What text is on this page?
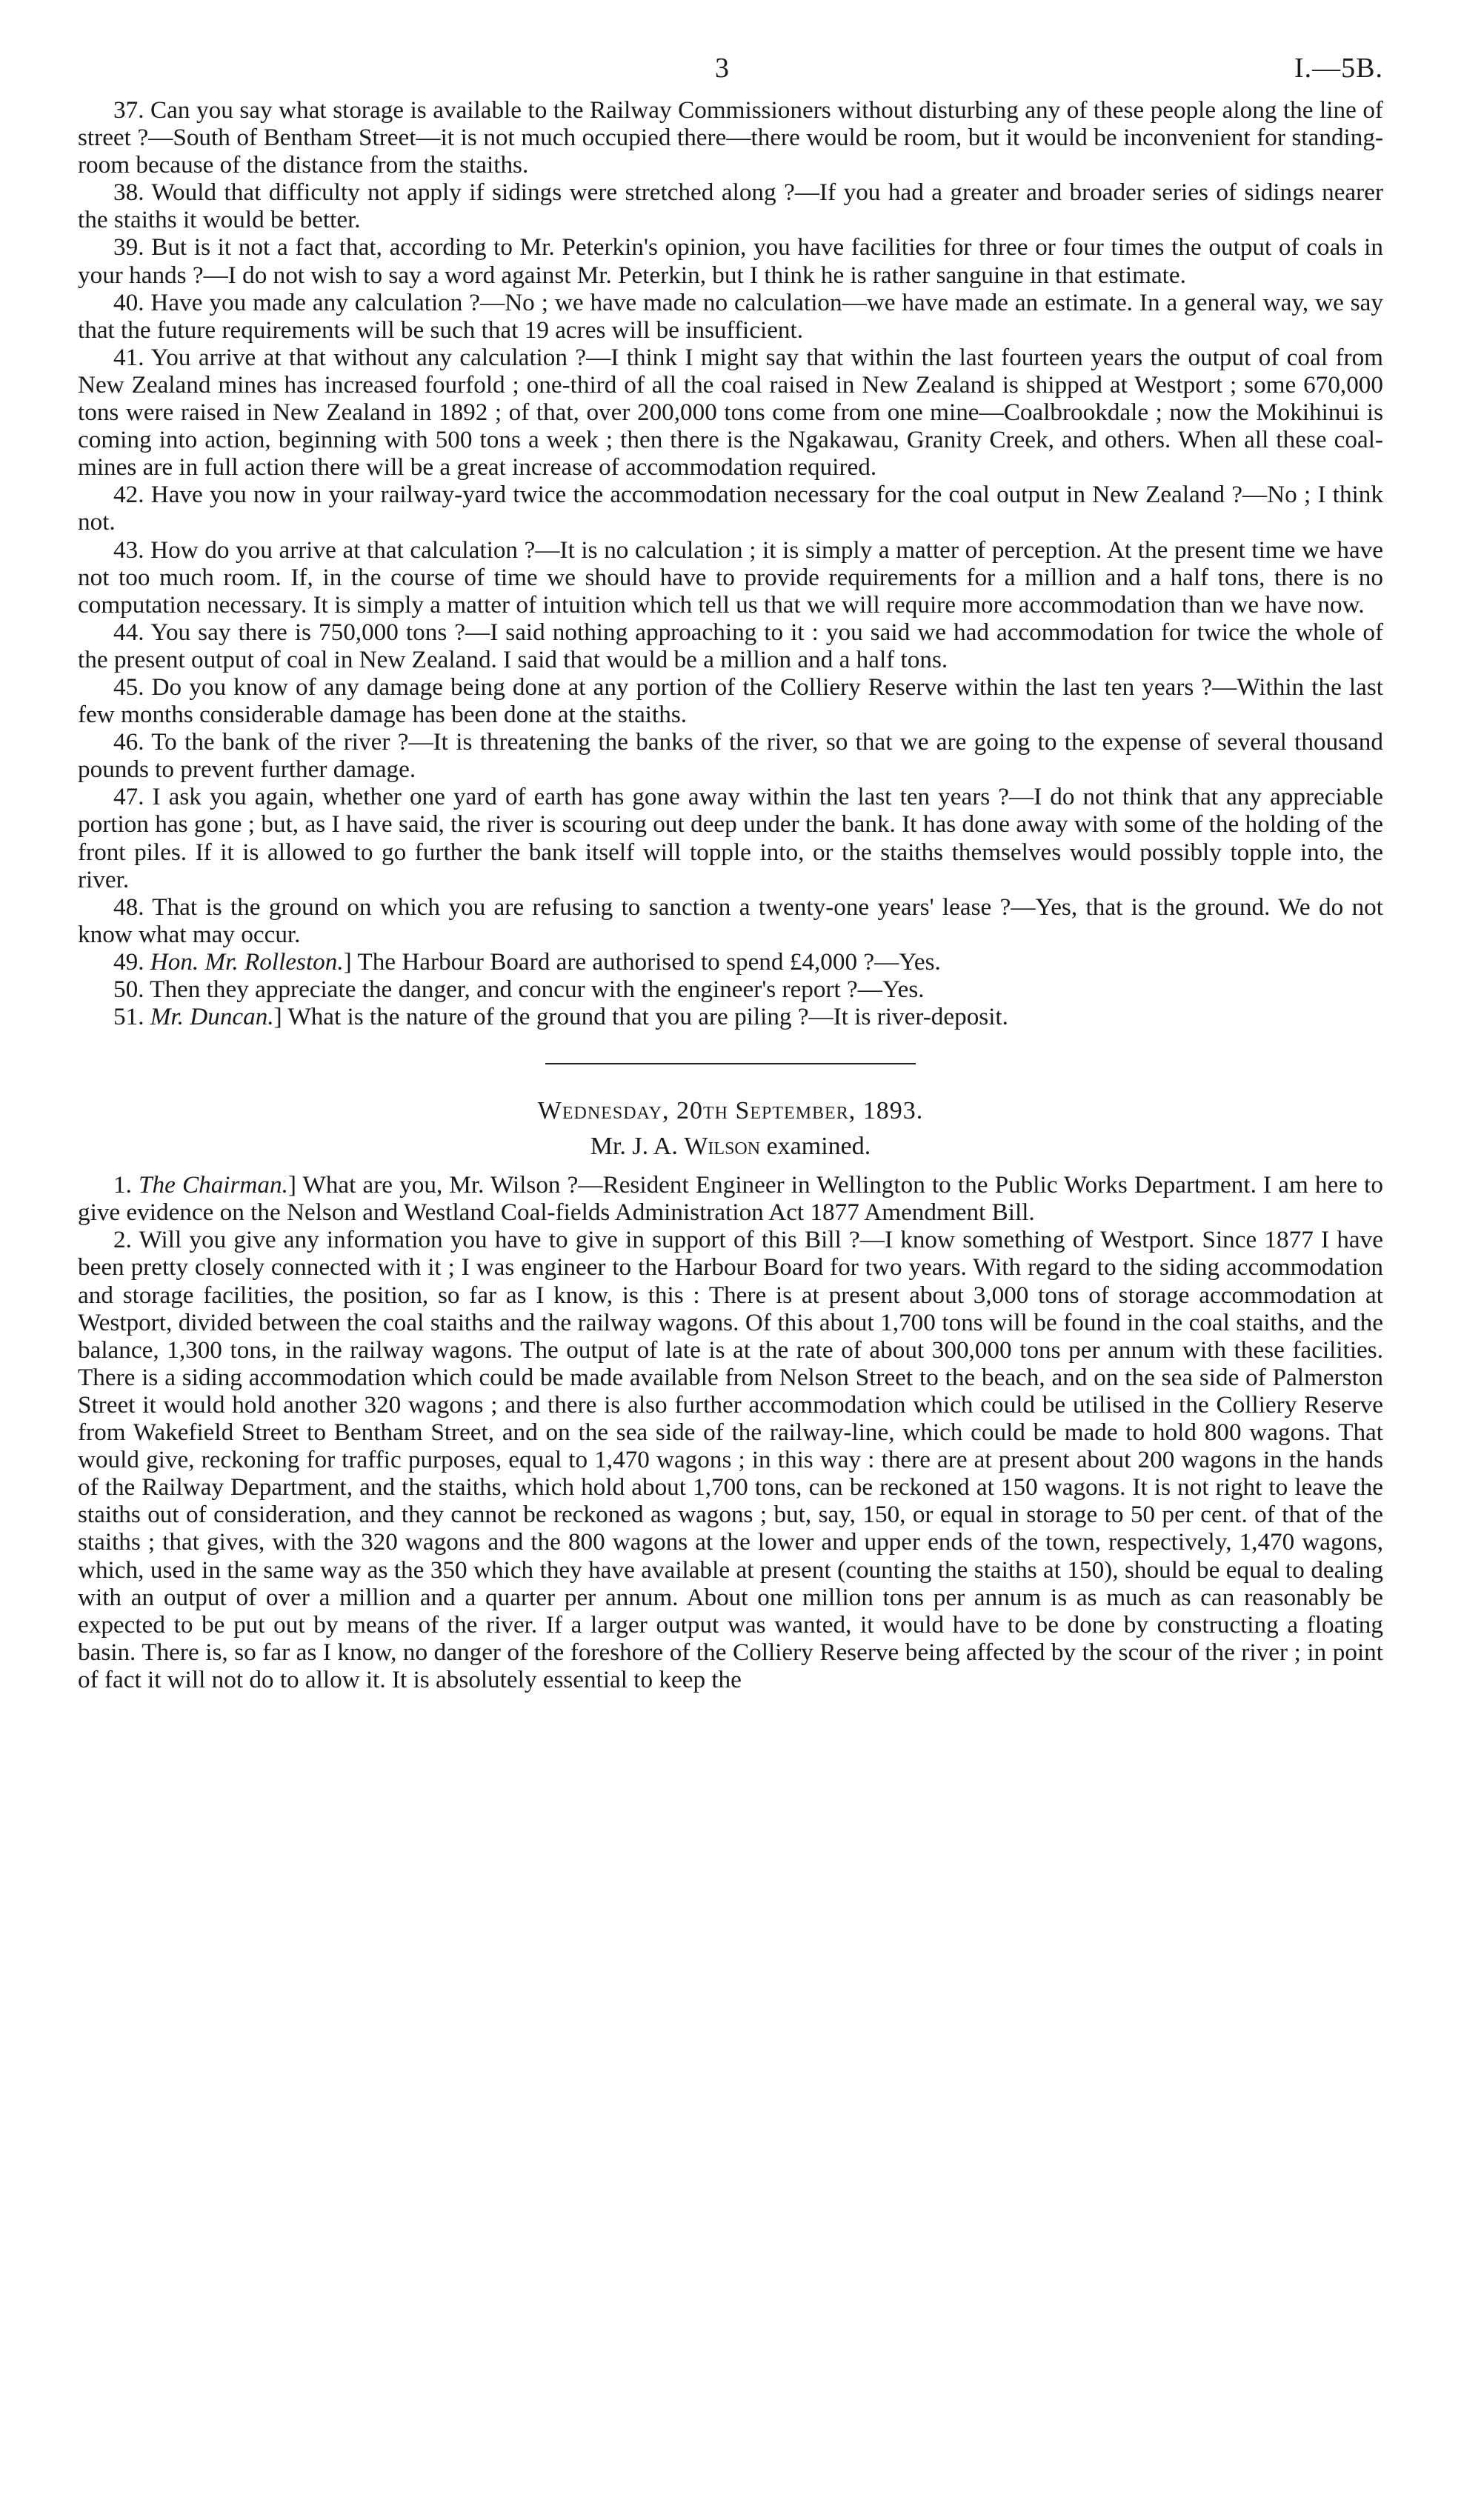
3	I.—5B.

37. Can you say what storage is available to the Railway Commissioners without disturbing any of these people along the line of street ?—South of Bentham Street—it is not much occupied there—there would be room, but it would be inconvenient for standing-room because of the distance from the staiths.

38. Would that difficulty not apply if sidings were stretched along ?—If you had a greater and broader series of sidings nearer the staiths it would be better.

39. But is it not a fact that, according to Mr. Peterkin's opinion, you have facilities for three or four times the output of coals in your hands ?—I do not wish to say a word against Mr. Peterkin, but I think he is rather sanguine in that estimate.

40. Have you made any calculation ?—No ; we have made no calculation—we have made an estimate. In a general way, we say that the future requirements will be such that 19 acres will be insufficient.

41. You arrive at that without any calculation ?—I think I might say that within the last fourteen years the output of coal from New Zealand mines has increased fourfold ; one-third of all the coal raised in New Zealand is shipped at Westport ; some 670,000 tons were raised in New Zealand in 1892 ; of that, over 200,000 tons come from one mine—Coalbrookdale ; now the Mokihinui is coming into action, beginning with 500 tons a week ; then there is the Ngakawau, Granity Creek, and others. When all these coal-mines are in full action there will be a great increase of accommodation required.

42. Have you now in your railway-yard twice the accommodation necessary for the coal output in New Zealand ?—No ; I think not.

43. How do you arrive at that calculation ?—It is no calculation ; it is simply a matter of perception. At the present time we have not too much room. If, in the course of time we should have to provide requirements for a million and a half tons, there is no computation necessary. It is simply a matter of intuition which tell us that we will require more accommodation than we have now.

44. You say there is 750,000 tons ?—I said nothing approaching to it : you said we had accommodation for twice the whole of the present output of coal in New Zealand. I said that would be a million and a half tons.

45. Do you know of any damage being done at any portion of the Colliery Reserve within the last ten years ?—Within the last few months considerable damage has been done at the staiths.

46. To the bank of the river ?—It is threatening the banks of the river, so that we are going to the expense of several thousand pounds to prevent further damage.

47. I ask you again, whether one yard of earth has gone away within the last ten years ?—I do not think that any appreciable portion has gone ; but, as I have said, the river is scouring out deep under the bank. It has done away with some of the holding of the front piles. If it is allowed to go further the bank itself will topple into, or the staiths themselves would possibly topple into, the river.

48. That is the ground on which you are refusing to sanction a twenty-one years' lease ?—Yes, that is the ground. We do not know what may occur.

49. Hon. Mr. Rolleston.] The Harbour Board are authorised to spend £4,000 ?—Yes.

50. Then they appreciate the danger, and concur with the engineer's report ?—Yes.

51. Mr. Duncan.] What is the nature of the ground that you are piling ?—It is river-deposit.

Wednesday, 20th September, 1893.

Mr. J. A. Wilson examined.

1. The Chairman.] What are you, Mr. Wilson ?—Resident Engineer in Wellington to the Public Works Department. I am here to give evidence on the Nelson and Westland Coal-fields Administration Act 1877 Amendment Bill.

2. Will you give any information you have to give in support of this Bill ?—I know something of Westport. Since 1877 I have been pretty closely connected with it ; I was engineer to the Harbour Board for two years. With regard to the siding accommodation and storage facilities, the position, so far as I know, is this : There is at present about 3,000 tons of storage accommodation at Westport, divided between the coal staiths and the railway wagons. Of this about 1,700 tons will be found in the coal staiths, and the balance, 1,300 tons, in the railway wagons. The output of late is at the rate of about 300,000 tons per annum with these facilities. There is a siding accommodation which could be made available from Nelson Street to the beach, and on the sea side of Palmerston Street it would hold another 320 wagons ; and there is also further accommodation which could be utilised in the Colliery Reserve from Wakefield Street to Bentham Street, and on the sea side of the railway-line, which could be made to hold 800 wagons. That would give, reckoning for traffic purposes, equal to 1,470 wagons ; in this way : there are at present about 200 wagons in the hands of the Railway Department, and the staiths, which hold about 1,700 tons, can be reckoned at 150 wagons. It is not right to leave the staiths out of consideration, and they cannot be reckoned as wagons ; but, say, 150, or equal in storage to 50 per cent. of that of the staiths ; that gives, with the 320 wagons and the 800 wagons at the lower and upper ends of the town, respectively, 1,470 wagons, which, used in the same way as the 350 which they have available at present (counting the staiths at 150), should be equal to dealing with an output of over a million and a quarter per annum. About one million tons per annum is as much as can reasonably be expected to be put out by means of the river. If a larger output was wanted, it would have to be done by constructing a floating basin. There is, so far as I know, no danger of the foreshore of the Colliery Reserve being affected by the scour of the river ; in point of fact it will not do to allow it. It is absolutely essential to keep the
